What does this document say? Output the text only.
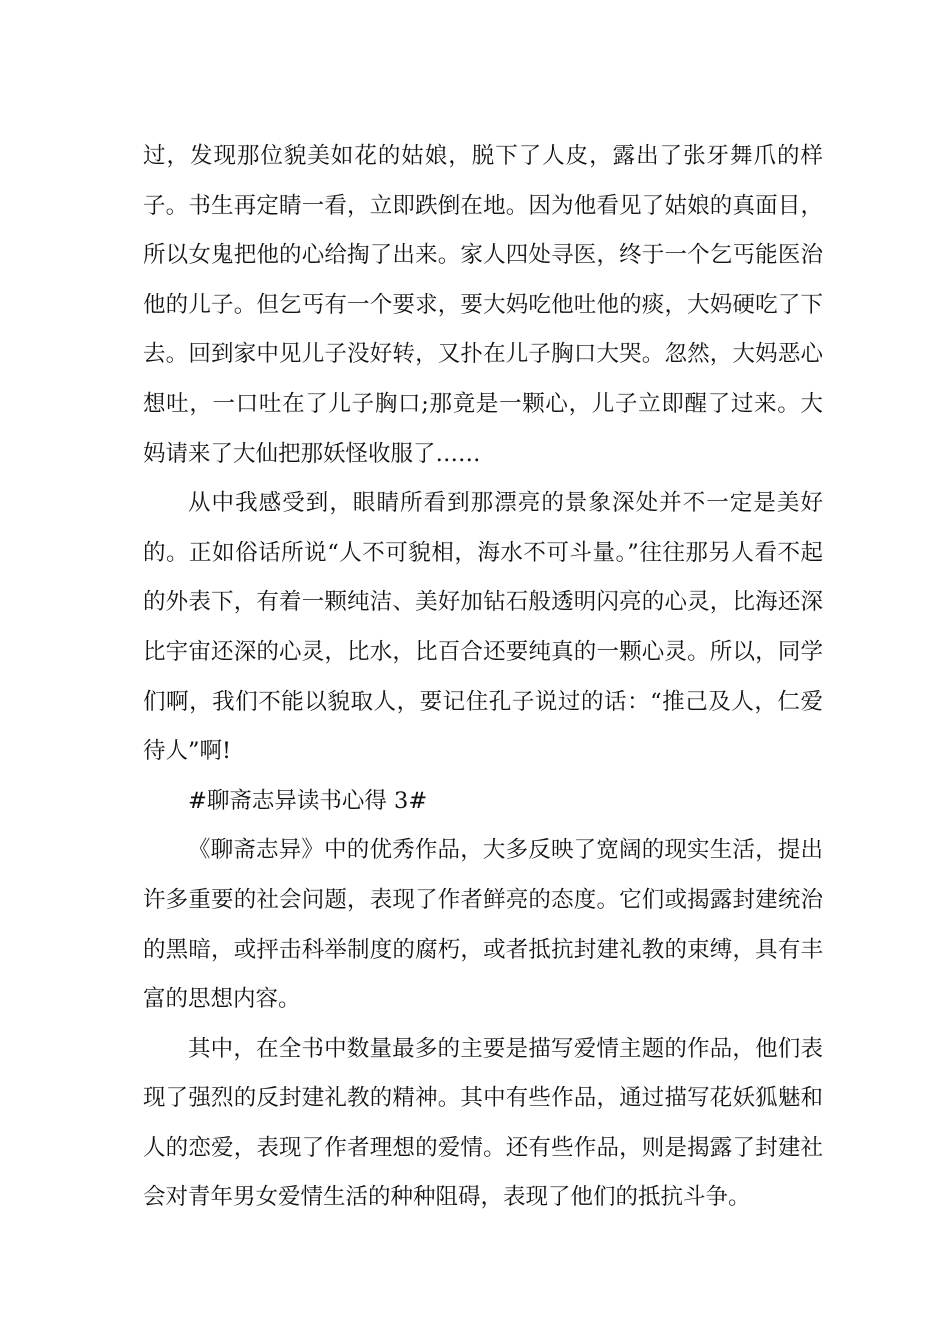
过，发现那位貌美如花的姑娘，脱下了人皮，露出了张牙舞爪的样子。书生再定睛一看，立即跌倒在地。因为他看见了姑娘的真面目，所以女鬼把他的心给掏了出来。家人四处寻医，终于一个乞丐能医治他的儿子。但乞丐有一个要求，要大妈吃他吐他的痰，大妈硬吃了下去。回到家中见儿子没好转，又扑在儿子胸口大哭。忽然，大妈恶心想吐，一口吐在了儿子胸口;那竟是一颗心，儿子立即醒了过来。大妈请来了大仙把那妖怪收服了……

从中我感受到，眼睛所看到那漂亮的景象深处并不一定是美好的。正如俗话所说“人不可貌相，海水不可斗量。”往往那另人看不起的外表下，有着一颗纯洁、美好加钻石般透明闪亮的心灵，比海还深比宇宙还深的心灵，比水，比百合还要纯真的一颗心灵。所以，同学们啊，我们不能以貌取人，要记住孔子说过的话：“推己及人，仁爱待人”啊!

#聊斋志异读书心得 3#

《聊斋志异》中的优秀作品，大多反映了宽阔的现实生活，提出许多重要的社会问题，表现了作者鲜亮的态度。它们或揭露封建统治的黑暗，或抨击科举制度的腐朽，或者抵抗封建礼教的束缚，具有丰富的思想内容。

其中，在全书中数量最多的主要是描写爱情主题的作品，他们表现了强烈的反封建礼教的精神。其中有些作品，通过描写花妖狐魅和人的恋爱，表现了作者理想的爱情。还有些作品，则是揭露了封建社会对青年男女爱情生活的种种阻碍，表现了他们的抵抗斗争。
